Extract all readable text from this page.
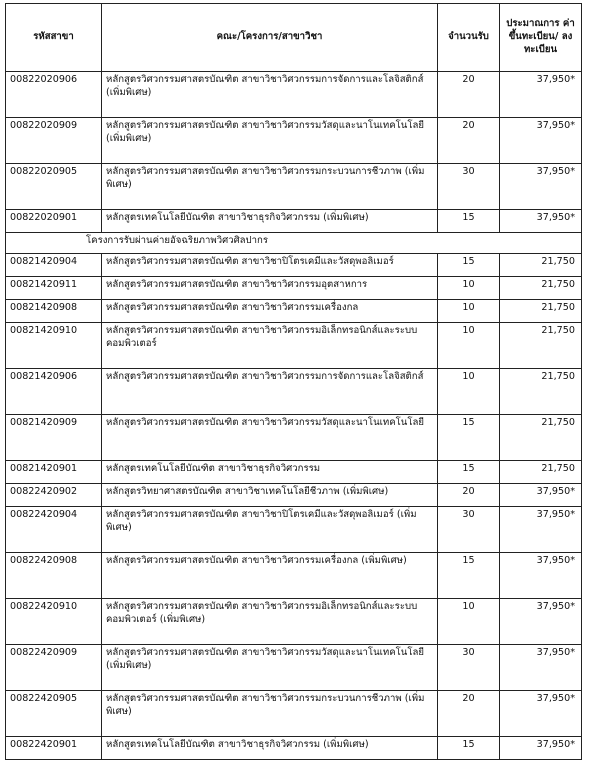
รหัสสาขา	คณะ/โครงการ/สาขาวิชา	จำนวนรับ	ประมาณการ ค่าขึ้นทะเบียน/ ลงทะเบียน
00822020906	หลักสูตรวิศวกรรมศาสตรบัณฑิต สาขาวิชาวิศวกรรมการจัดการและโลจิสติกส์ (เพิ่มพิเศษ)	20	37,950*
00822020909	หลักสูตรวิศวกรรมศาสตรบัณฑิต สาขาวิชาวิศวกรรมวัสดุและนาโนเทคโนโลยี (เพิ่มพิเศษ)	20	37,950*
00822020905	หลักสูตรวิศวกรรมศาสตรบัณฑิต สาขาวิชาวิศวกรรมกระบวนการชีวภาพ (เพิ่มพิเศษ)	30	37,950*
00822020901	หลักสูตรเทคโนโลยีบัณฑิต สาขาวิชาธุรกิจวิศวกรรม (เพิ่มพิเศษ)	15	37,950*
โครงการรับผ่านค่ายอัจฉริยภาพวิศวศิลปากร			
00821420904	หลักสูตรวิศวกรรมศาสตรบัณฑิต สาขาวิชาปิโตรเคมีและวัสดุพอลิเมอร์	15	21,750
00821420911	หลักสูตรวิศวกรรมศาสตรบัณฑิต สาขาวิชาวิศวกรรมอุตสาหการ	10	21,750
00821420908	หลักสูตรวิศวกรรมศาสตรบัณฑิต สาขาวิชาวิศวกรรมเครื่องกล	10	21,750
00821420910	หลักสูตรวิศวกรรมศาสตรบัณฑิต สาขาวิชาวิศวกรรมอิเล็กทรอนิกส์และระบบคอมพิวเตอร์	10	21,750
00821420906	หลักสูตรวิศวกรรมศาสตรบัณฑิต สาขาวิชาวิศวกรรมการจัดการและโลจิสติกส์	10	21,750
00821420909	หลักสูตรวิศวกรรมศาสตรบัณฑิต สาขาวิชาวิศวกรรมวัสดุและนาโนเทคโนโลยี	15	21,750
00821420901	หลักสูตรเทคโนโลยีบัณฑิต สาขาวิชาธุรกิจวิศวกรรม	15	21,750
00822420902	หลักสูตรวิทยาศาสตรบัณฑิต สาขาวิชาเทคโนโลยีชีวภาพ (เพิ่มพิเศษ)	20	37,950*
00822420904	หลักสูตรวิศวกรรมศาสตรบัณฑิต สาขาวิชาปิโตรเคมีและวัสดุพอลิเมอร์ (เพิ่มพิเศษ)	30	37,950*
00822420908	หลักสูตรวิศวกรรมศาสตรบัณฑิต สาขาวิชาวิศวกรรมเครื่องกล (เพิ่มพิเศษ)	15	37,950*
00822420910	หลักสูตรวิศวกรรมศาสตรบัณฑิต สาขาวิชาวิศวกรรมอิเล็กทรอนิกส์และระบบคอมพิวเตอร์ (เพิ่มพิเศษ)	10	37,950*
00822420909	หลักสูตรวิศวกรรมศาสตรบัณฑิต สาขาวิชาวิศวกรรมวัสดุและนาโนเทคโนโลยี (เพิ่มพิเศษ)	30	37,950*
00822420905	หลักสูตรวิศวกรรมศาสตรบัณฑิต สาขาวิชาวิศวกรรมกระบวนการชีวภาพ (เพิ่มพิเศษ)	20	37,950*
00822420901	หลักสูตรเทคโนโลยีบัณฑิต สาขาวิชาธุรกิจวิศวกรรม (เพิ่มพิเศษ)	15	37,950*
